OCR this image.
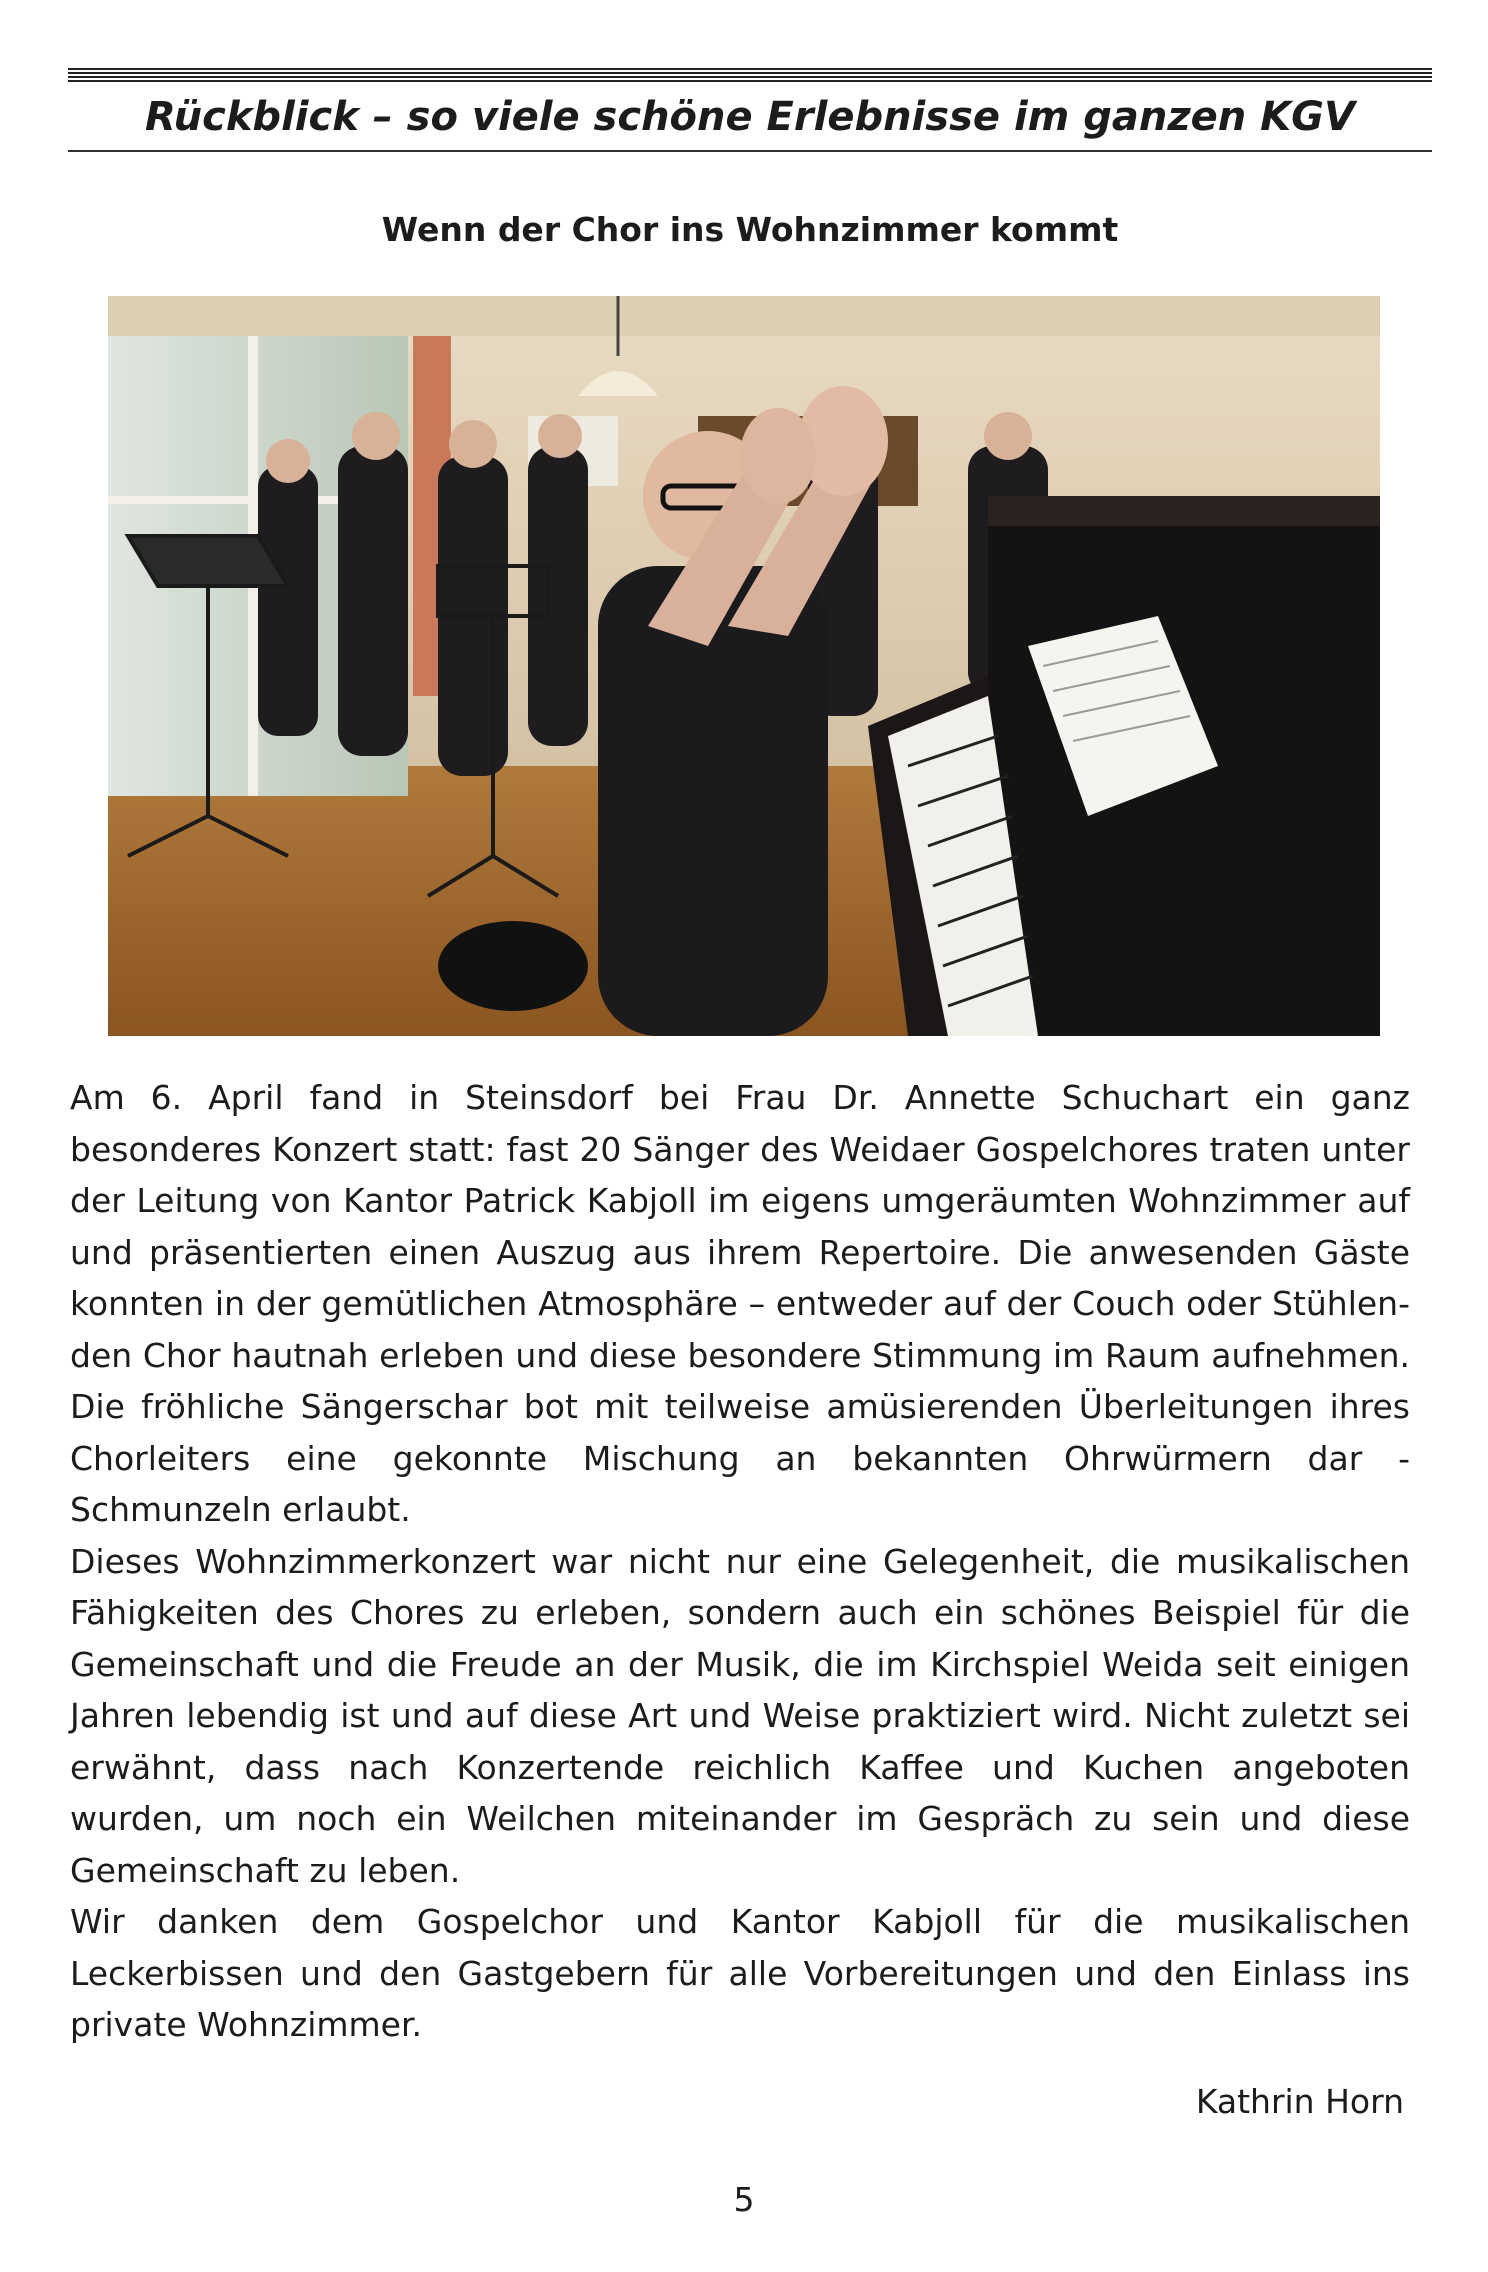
Rückblick – so viele schöne Erlebnisse im ganzen KGV
Wenn der Chor ins Wohnzimmer kommt

Am 6. April fand in Steinsdorf bei Frau Dr. Annette Schuchart ein ganz besonderes Konzert statt: fast 20 Sänger des Weidaer Gospelchores traten unter der Leitung von Kantor Patrick Kabjoll im eigens umgeräumten Wohnzimmer auf und präsentierten einen Auszug aus ihrem Repertoire. Die anwesenden Gäste konnten in der gemütlichen Atmosphäre – entweder auf der Couch oder Stühlen- den Chor hautnah erleben und diese besondere Stimmung im Raum aufnehmen. Die fröhliche Sängerschar bot mit teilweise amüsierenden Überleitungen ihres Chorleiters eine gekonnte Mischung an bekannten Ohrwürmern dar - Schmunzeln erlaubt.

Dieses Wohnzimmerkonzert war nicht nur eine Gelegenheit, die musikalischen Fähigkeiten des Chores zu erleben, sondern auch ein schönes Beispiel für die Gemeinschaft und die Freude an der Musik, die im Kirchspiel Weida seit einigen Jahren lebendig ist und auf diese Art und Weise praktiziert wird. Nicht zuletzt sei erwähnt, dass nach Konzertende reichlich Kaffee und Kuchen angeboten wurden, um noch ein Weilchen miteinander im Gespräch zu sein und diese Gemeinschaft zu leben.

Wir danken dem Gospelchor und Kantor Kabjoll für die musikalischen Leckerbissen und den Gastgebern für alle Vorbereitungen und den Einlass ins private Wohnzimmer.

Kathrin Horn
5
